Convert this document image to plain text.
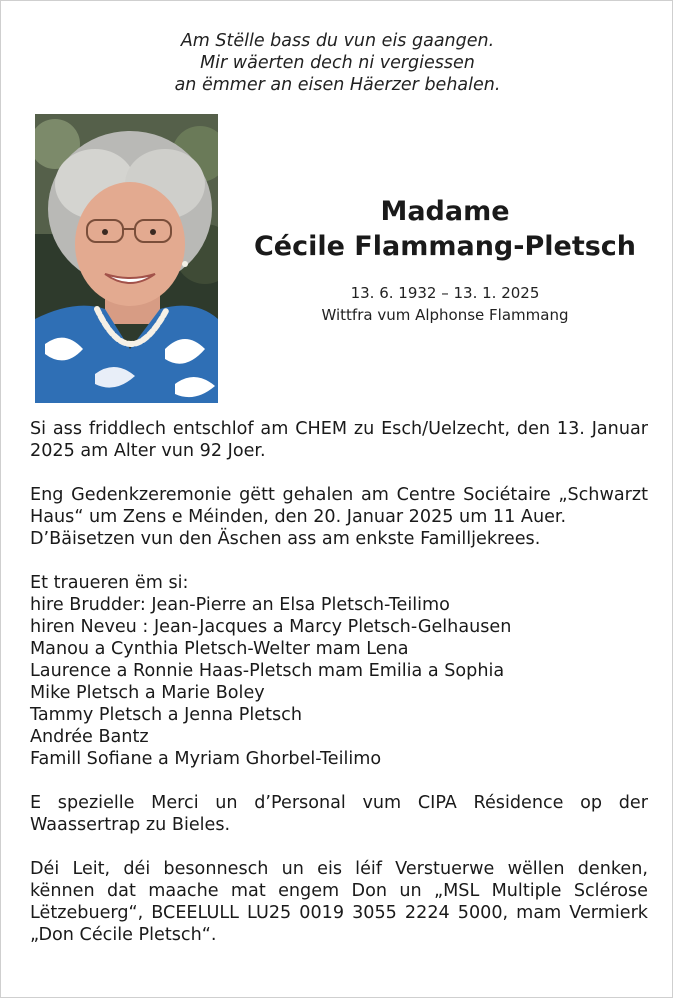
Am Stëlle bass du vun eis gaangen.
Mir wäerten dech ni vergiessen
an ëmmer an eisen Häerzer behalen.
Madame
Cécile Flammang-Pletsch
13. 6. 1932 – 13. 1. 2025
Wittfra vum Alphonse Flammang

Si ass friddlech entschlof am CHEM zu Esch/Uelzecht, den 13. Januar 2025 am Alter vun 92 Joer.

Eng Gedenkzeremonie gëtt gehalen am Centre Sociétaire „Schwarzt Haus“ um Zens e Méinden, den 20. Januar 2025 um 11 Auer.

D’Bäisetzen vun den Äschen ass am enkste Familljekrees.

Et traueren ëm si:

hire Brudder: Jean-Pierre an Elsa Pletsch-Teilimo
hiren Neveu : Jean-Jacques a Marcy Pletsch-Gelhausen
Manou a Cynthia Pletsch-Welter mam Lena
Laurence a Ronnie Haas-Pletsch mam Emilia a Sophia
Mike Pletsch a Marie Boley
Tammy Pletsch a Jenna Pletsch
Andrée Bantz
Famill Sofiane a Myriam Ghorbel-Teilimo

E spezielle Merci un d’Personal vum CIPA Résidence op der Waassertrap zu Bieles.

Déi Leit, déi besonnesch un eis léif Verstuerwe wëllen denken, kënnen dat maache mat engem Don un „MSL Multiple Sclérose Lëtzebuerg“, BCEELULL LU25 0019 3055 2224 5000, mam Vermierk „Don Cécile Pletsch“.
